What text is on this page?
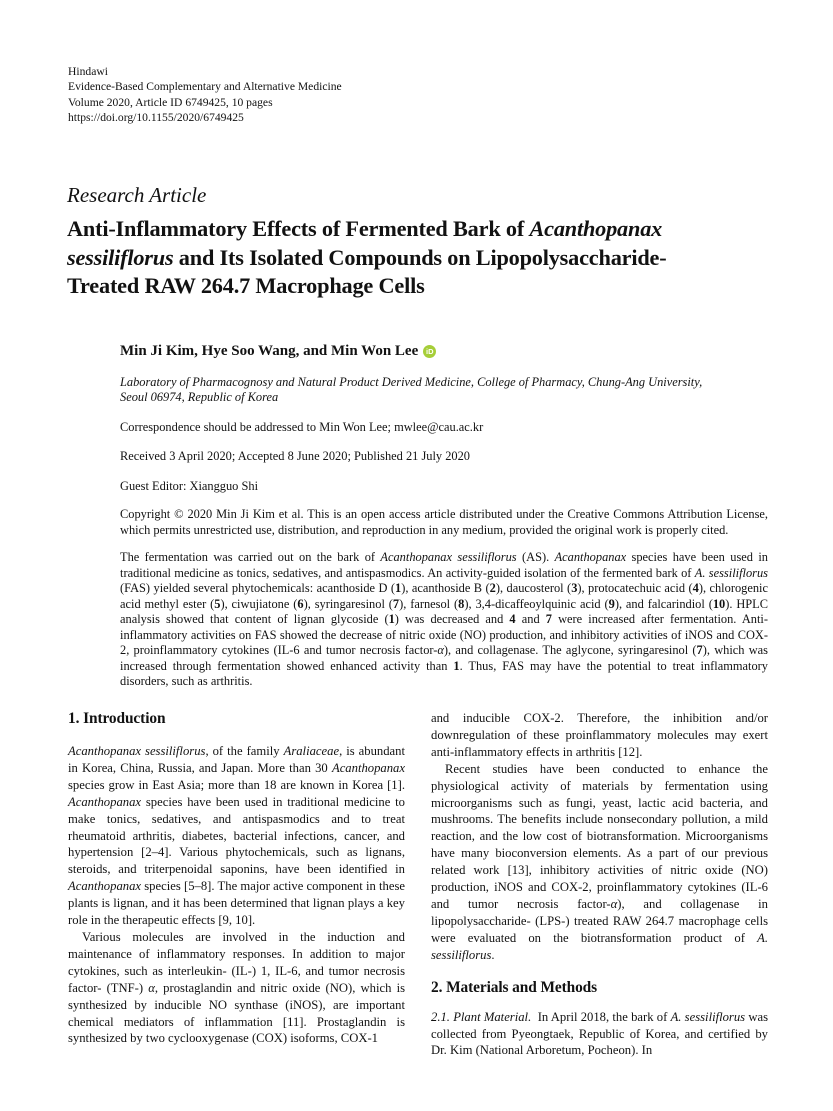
Hindawi
Evidence-Based Complementary and Alternative Medicine
Volume 2020, Article ID 6749425, 10 pages
https://doi.org/10.1155/2020/6749425
Research Article
Anti-Inflammatory Effects of Fermented Bark of Acanthopanax
sessiliflorus and Its Isolated Compounds on Lipopolysaccharide-
Treated RAW 264.7 Macrophage Cells
Min Ji Kim, Hye Soo Wang, and Min Won Lee	iD

Laboratory of Pharmacognosy and Natural Product Derived Medicine, College of Pharmacy, Chung-Ang University,
Seoul 06974, Republic of Korea

Correspondence should be addressed to Min Won Lee; mwlee@cau.ac.kr

Received 3 April 2020; Accepted 8 June 2020; Published 21 July 2020

Guest Editor: Xiangguo Shi

Copyright © 2020 Min Ji Kim et al. This is an open access article distributed under the Creative Commons Attribution License, which permits unrestricted use, distribution, and reproduction in any medium, provided the original work is properly cited.

The fermentation was carried out on the bark of Acanthopanax sessiliflorus (AS). Acanthopanax species have been used in traditional medicine as tonics, sedatives, and antispasmodics. An activity-guided isolation of the fermented bark of A. sessiliflorus (FAS) yielded several phytochemicals: acanthoside D (1), acanthoside B (2), daucosterol (3), protocatechuic acid (4), chlorogenic acid methyl ester (5), ciwujiatone (6), syringaresinol (7), farnesol (8), 3,4-dicaffeoylquinic acid (9), and falcarindiol (10). HPLC analysis showed that content of lignan glycoside (1) was decreased and 4 and 7 were increased after fermentation. Anti-inflammatory activities on FAS showed the decrease of nitric oxide (NO) production, and inhibitory activities of iNOS and COX-2, proinflammatory cytokines (IL-6 and tumor necrosis factor-α), and collagenase. The aglycone, syringaresinol (7), which was increased through fermentation showed enhanced activity than 1. Thus, FAS may have the potential to treat inflammatory disorders, such as arthritis.

1. Introduction

Acanthopanax sessiliflorus, of the family Araliaceae, is abundant in Korea, China, Russia, and Japan. More than 30 Acanthopanax species grow in East Asia; more than 18 are known in Korea [1]. Acanthopanax species have been used in traditional medicine to make tonics, sedatives, and antispasmodics and to treat rheumatoid arthritis, diabetes, bacterial infections, cancer, and hypertension [2–4]. Various phytochemicals, such as lignans, steroids, and triterpenoidal saponins, have been identified in Acanthopanax species [5–8]. The major active component in these plants is lignan, and it has been determined that lignan plays a key role in the therapeutic effects [9, 10].

Various molecules are involved in the induction and maintenance of inflammatory responses. In addition to major cytokines, such as interleukin- (IL-) 1, IL-6, and tumor necrosis factor- (TNF-) α, prostaglandin and nitric oxide (NO), which is synthesized by inducible NO synthase (iNOS), are important chemical mediators of inflammation [11]. Prostaglandin is synthesized by two cyclooxygenase (COX) isoforms, COX-1

and inducible COX-2. Therefore, the inhibition and/or downregulation of these proinflammatory molecules may exert anti-inflammatory effects in arthritis [12].

Recent studies have been conducted to enhance the physiological activity of materials by fermentation using microorganisms such as fungi, yeast, lactic acid bacteria, and mushrooms. The benefits include nonsecondary pollution, a mild reaction, and the low cost of biotransformation. Microorganisms have many bioconversion elements. As a part of our previous related work [13], inhibitory activities of nitric oxide (NO) production, iNOS and COX-2, proinflammatory cytokines (IL-6 and tumor necrosis factor-α), and collagenase in lipopolysaccharide- (LPS-) treated RAW 264.7 macrophage cells were evaluated on the biotransformation product of A. sessiliflorus.

2. Materials and Methods

2.1. Plant Material.  In April 2018, the bark of A. sessiliflorus was collected from Pyeongtaek, Republic of Korea, and certified by Dr. Kim (National Arboretum, Pocheon). In
